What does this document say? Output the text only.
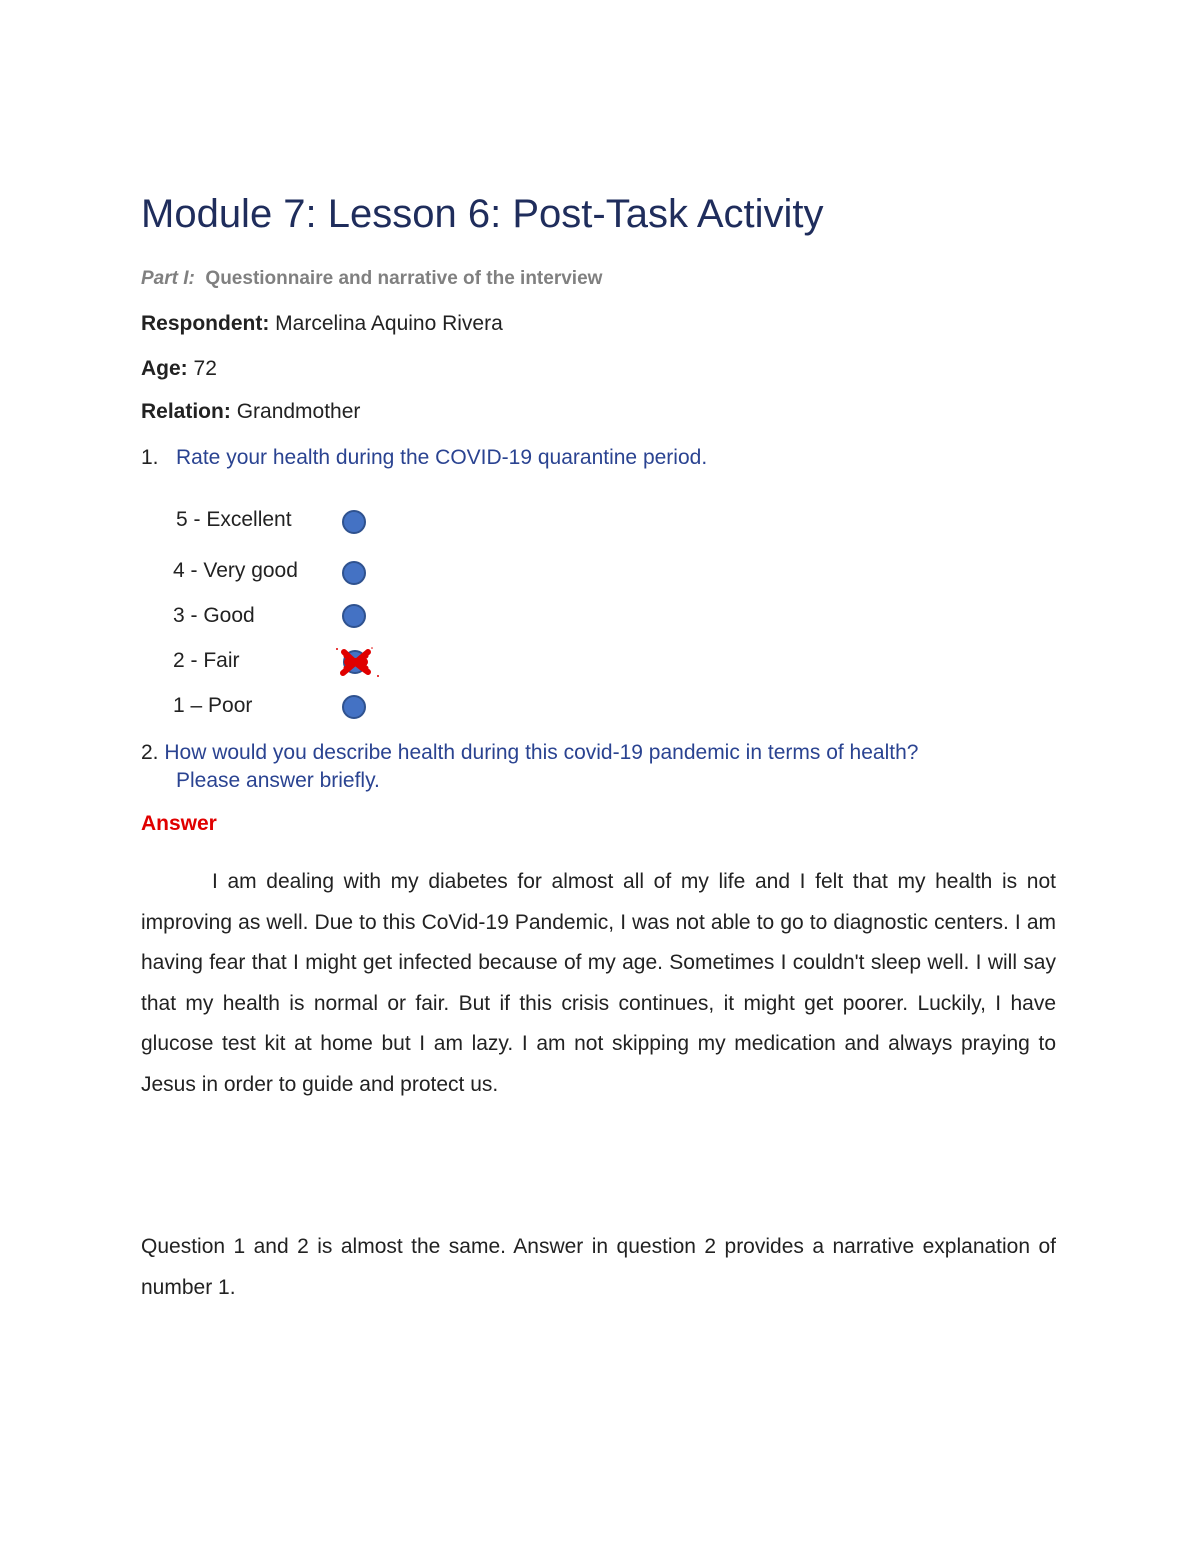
Module 7: Lesson 6: Post-Task Activity
Part I: Questionnaire and narrative of the interview
Respondent: Marcelina Aquino Rivera
Age: 72
Relation: Grandmother
1. Rate your health during the COVID-19 quarantine period.
5 - Excellent
4 - Very good
3 - Good
2 - Fair
1 – Poor
2. How would you describe health during this covid-19 pandemic in terms of health?
Please answer briefly.
Answer
I am dealing with my diabetes for almost all of my life and I felt that my health is not improving as well. Due to this CoVid-19 Pandemic, I was not able to go to diagnostic centers. I am having fear that I might get infected because of my age. Sometimes I couldn't sleep well. I will say that my health is normal or fair. But if this crisis continues, it might get poorer. Luckily, I have glucose test kit at home but I am lazy. I am not skipping my medication and always praying to Jesus in order to guide and protect us.
Question 1 and 2 is almost the same. Answer in question 2 provides a narrative explanation of number 1.
